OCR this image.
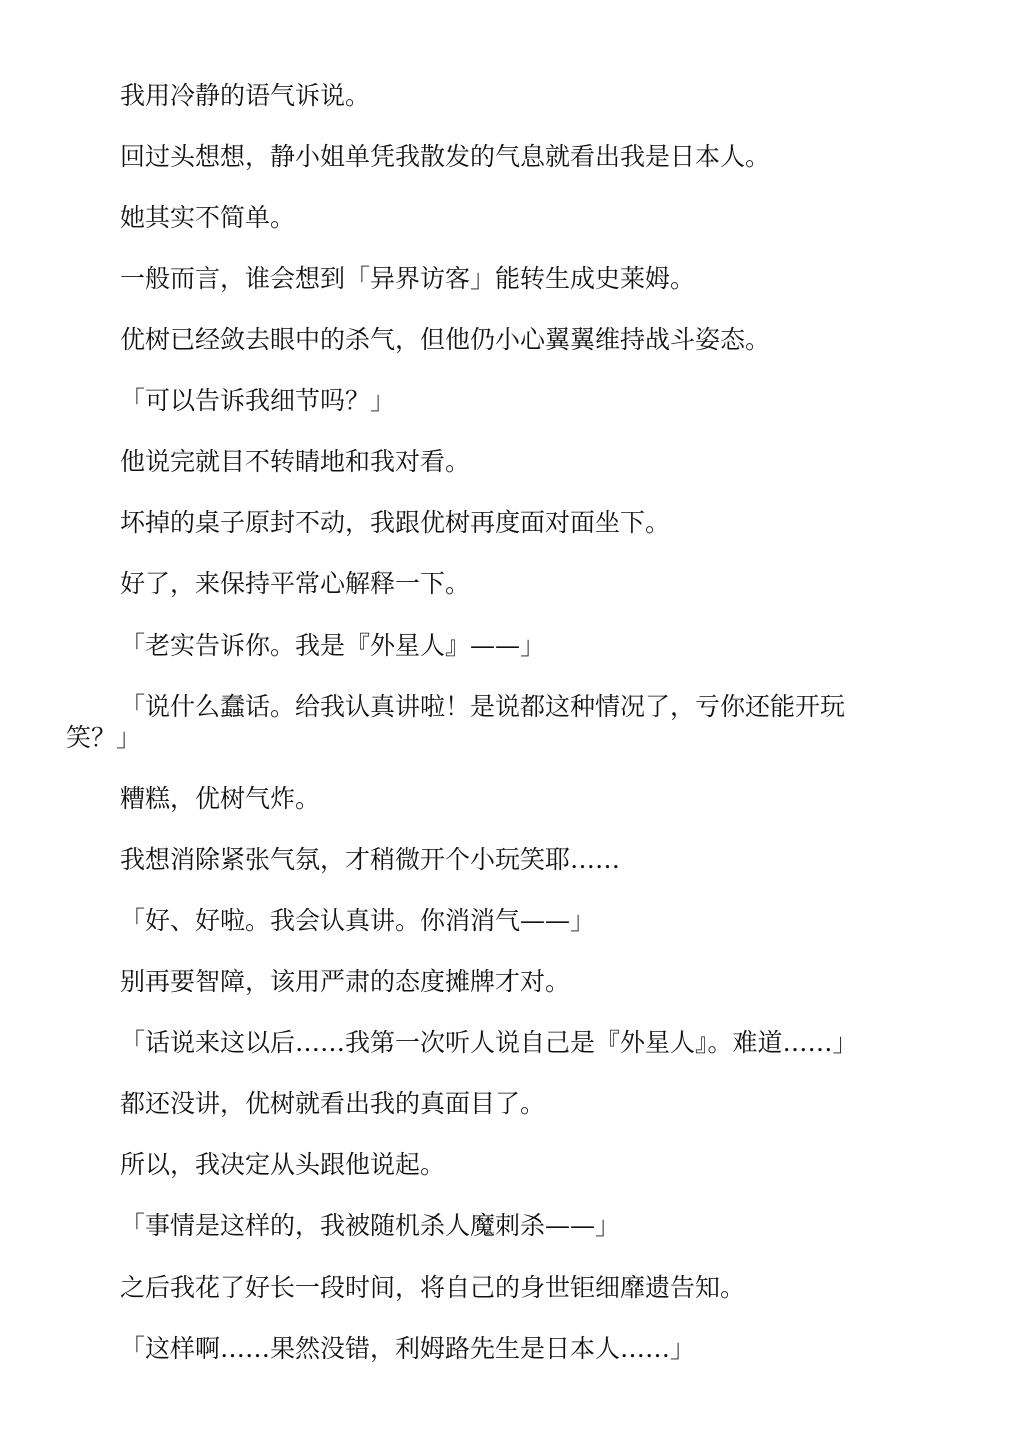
我用冷静的语气诉说。

回过头想想，静小姐单凭我散发的气息就看出我是日本人。

她其实不简单。

一般而言，谁会想到「异界访客」能转生成史莱姆。

优树已经敛去眼中的杀气，但他仍小心翼翼维持战斗姿态。

「可以告诉我细节吗？」

他说完就目不转睛地和我对看。

坏掉的桌子原封不动，我跟优树再度面对面坐下。

好了，来保持平常心解释一下。

「老实告诉你。我是『外星人』——」

「说什么蠢话。给我认真讲啦！是说都这种情况了，亏你还能开玩笑？」

糟糕，优树气炸。

我想消除紧张气氛，才稍微开个小玩笑耶……

「好、好啦。我会认真讲。你消消气——」

别再要智障，该用严肃的态度摊牌才对。

「话说来这以后……我第一次听人说自己是『外星人』。难道……」

都还没讲，优树就看出我的真面目了。

所以，我决定从头跟他说起。

「事情是这样的，我被随机杀人魔刺杀——」

之后我花了好长一段时间，将自己的身世钜细靡遗告知。

「这样啊……果然没错，利姆路先生是日本人……」
